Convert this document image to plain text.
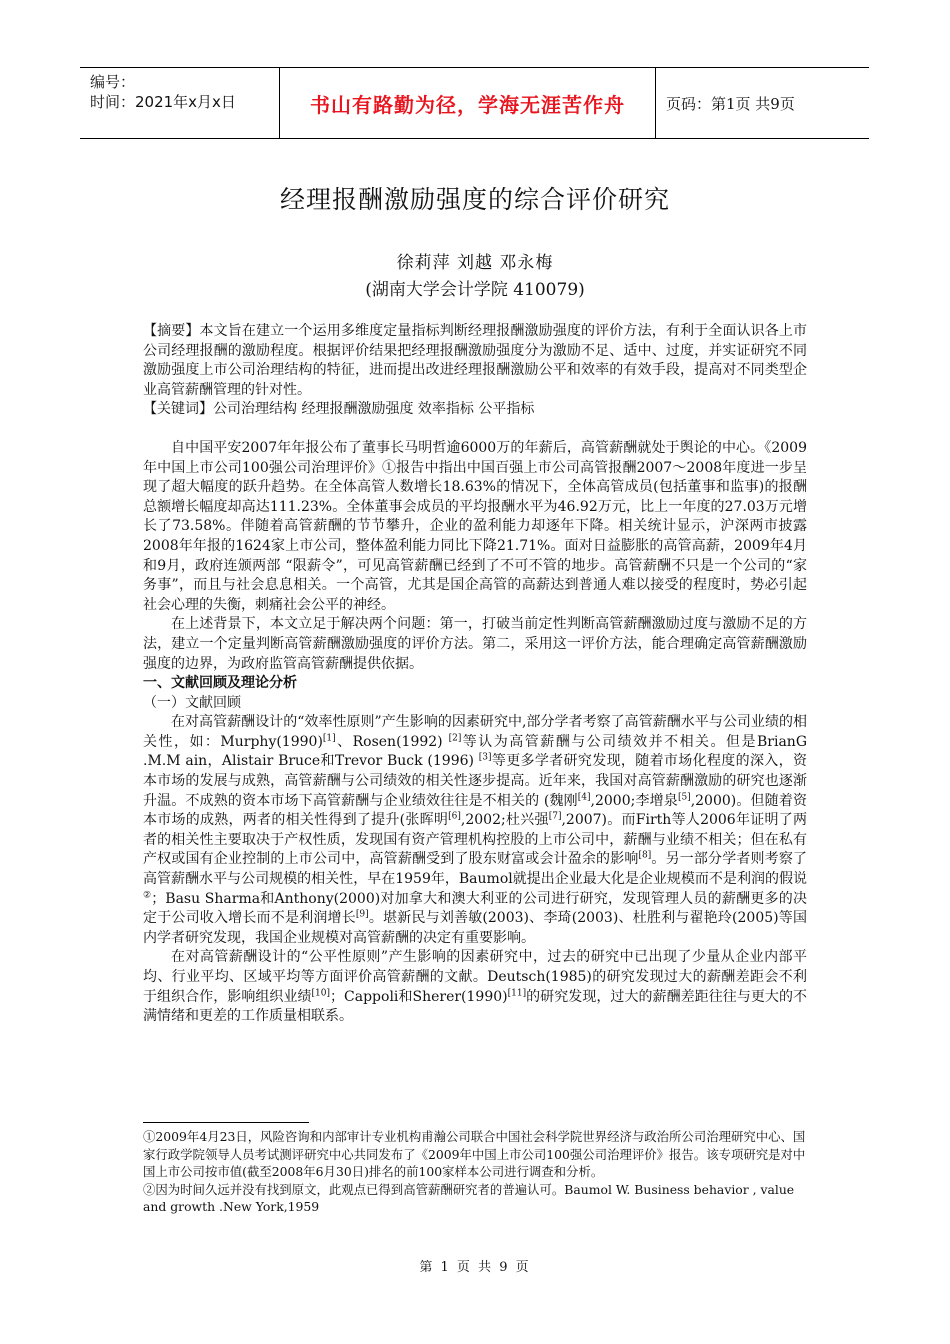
编号：
时间：2021年x月x日	书山有路勤为径，学海无涯苦作舟	页码：第1页 共9页
经理报酬激励强度的综合评价研究
徐莉萍 刘越 邓永梅
(湖南大学会计学院 410079)

【摘要】本文旨在建立一个运用多维度定量指标判断经理报酬激励强度的评价方法，有利于全面认识各上市公司经理报酬的激励程度。根据评价结果把经理报酬激励强度分为激励不足、适中、过度，并实证研究不同激励强度上市公司治理结构的特征，进而提出改进经理报酬激励公平和效率的有效手段，提高对不同类型企业高管薪酬管理的针对性。

【关键词】公司治理结构 经理报酬激励强度 效率指标 公平指标

自中国平安2007年年报公布了董事长马明哲逾6000万的年薪后，高管薪酬就处于舆论的中心。《2009年中国上市公司100强公司治理评价》①报告中指出中国百强上市公司高管报酬2007～2008年度进一步呈现了超大幅度的跃升趋势。在全体高管人数增长18.63%的情况下，全体高管成员(包括董事和监事)的报酬总额增长幅度却高达111.23%。全体董事会成员的平均报酬水平为46.92万元，比上一年度的27.03万元增长了73.58%。伴随着高管薪酬的节节攀升，企业的盈利能力却逐年下降。相关统计显示，沪深两市披露2008年年报的1624家上市公司，整体盈利能力同比下降21.71%。面对日益膨胀的高管高薪，2009年4月和9月，政府连颁两部 “限薪令”，可见高管薪酬已经到了不可不管的地步。高管薪酬不只是一个公司的“家务事”，而且与社会息息相关。一个高管，尤其是国企高管的高薪达到普通人难以接受的程度时，势必引起社会心理的失衡，刺痛社会公平的神经。

在上述背景下，本文立足于解决两个问题：第一，打破当前定性判断高管薪酬激励过度与激励不足的方法，建立一个定量判断高管薪酬激励强度的评价方法。第二，采用这一评价方法，能合理确定高管薪酬激励强度的边界，为政府监管高管薪酬提供依据。

一、文献回顾及理论分析

（一）文献回顾

在对高管薪酬设计的“效率性原则”产生影响的因素研究中,部分学者考察了高管薪酬水平与公司业绩的相关性，如：Murphy(1990)[1]、Rosen(1992) [2]等认为高管薪酬与公司绩效并不相关。但是BrianG .M.M ain，Alistair Bruce和Trevor Buck (1996) [3]等更多学者研究发现，随着市场化程度的深入，资本市场的发展与成熟，高管薪酬与公司绩效的相关性逐步提高。近年来，我国对高管薪酬激励的研究也逐渐升温。不成熟的资本市场下高管薪酬与企业绩效往往是不相关的 (魏刚[4],2000;李增泉[5],2000)。但随着资本市场的成熟，两者的相关性得到了提升(张晖明[6],2002;杜兴强[7],2007)。而Firth等人2006年证明了两者的相关性主要取决于产权性质，发现国有资产管理机构控股的上市公司中，薪酬与业绩不相关；但在私有产权或国有企业控制的上市公司中，高管薪酬受到了股东财富或会计盈余的影响[8]。另一部分学者则考察了高管薪酬水平与公司规模的相关性，早在1959年，Baumol就提出企业最大化是企业规模而不是利润的假说②；Basu Sharma和Anthony(2000)对加拿大和澳大利亚的公司进行研究，发现管理人员的薪酬更多的决定于公司收入增长而不是利润增长[9]。堪新民与刘善敏(2003)、李琦(2003)、杜胜利与翟艳玲(2005)等国内学者研究发现，我国企业规模对高管薪酬的决定有重要影响。

在对高管薪酬设计的“公平性原则”产生影响的因素研究中，过去的研究中已出现了少量从企业内部平均、行业平均、区域平均等方面评价高管薪酬的文献。Deutsch(1985)的研究发现过大的薪酬差距会不利于组织合作，影响组织业绩[10]；Cappoli和Sherer(1990)[11]的研究发现，过大的薪酬差距往往与更大的不满情绪和更差的工作质量相联系。

①2009年4月23日，风险咨询和内部审计专业机构甫瀚公司联合中国社会科学院世界经济与政治所公司治理研究中心、国家行政学院领导人员考试测评研究中心共同发布了《2009年中国上市公司100强公司治理评价》报告。该专项研究是对中国上市公司按市值(截至2008年6月30日)排名的前100家样本公司进行调查和分析。

②因为时间久远并没有找到原文，此观点已得到高管薪酬研究者的普遍认可。Baumol W. Business behavior , value and growth .New York,1959

第 1 页 共 9 页
